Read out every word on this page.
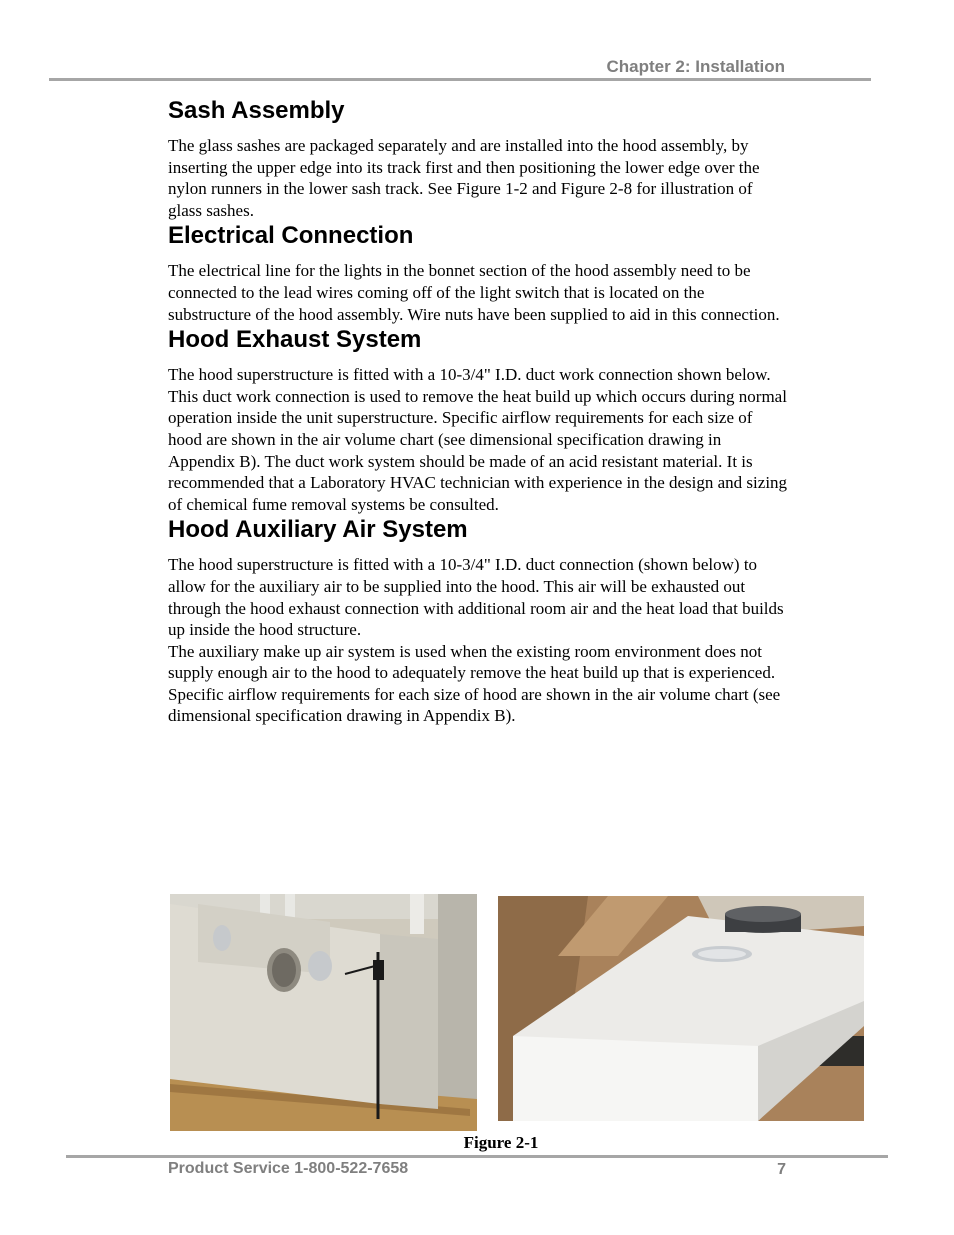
Chapter 2: Installation
Sash Assembly

The glass sashes are packaged separately and are installed into the hood assembly, by inserting the upper edge into its track first and then positioning the lower edge over the nylon runners in the lower sash track. See Figure 1-2 and Figure 2-8 for illustration of glass sashes.

Electrical Connection

The electrical line for the lights in the bonnet section of the hood assembly need to be connected to the lead wires coming off of the light switch that is located on the substructure of the hood assembly. Wire nuts have been supplied to aid in this connection.

Hood Exhaust System

The hood superstructure is fitted with a 10-3/4" I.D. duct work connection shown below. This duct work connection is used to remove the heat build up which occurs during normal operation inside the unit superstructure. Specific airflow requirements for each size of hood are shown in the air volume chart (see dimensional specification drawing in Appendix B). The duct work system should be made of an acid resistant material. It is recommended that a Laboratory HVAC technician with experience in the design and sizing of chemical fume removal systems be consulted.

Hood Auxiliary Air System

The hood superstructure is fitted with a 10-3/4" I.D. duct connection (shown below) to allow for the auxiliary air to be supplied into the hood. This air will be exhausted out through the hood exhaust connection with additional room air and the heat load that builds up inside the hood structure.

The auxiliary make up air system is used when the existing room environment does not supply enough air to the hood to adequately remove the heat build up that is experienced.

Specific airflow requirements for each size of hood are shown in the air volume chart (see dimensional specification drawing in Appendix B).

Figure 2-1
Product Service 1-800-522-7658	7
